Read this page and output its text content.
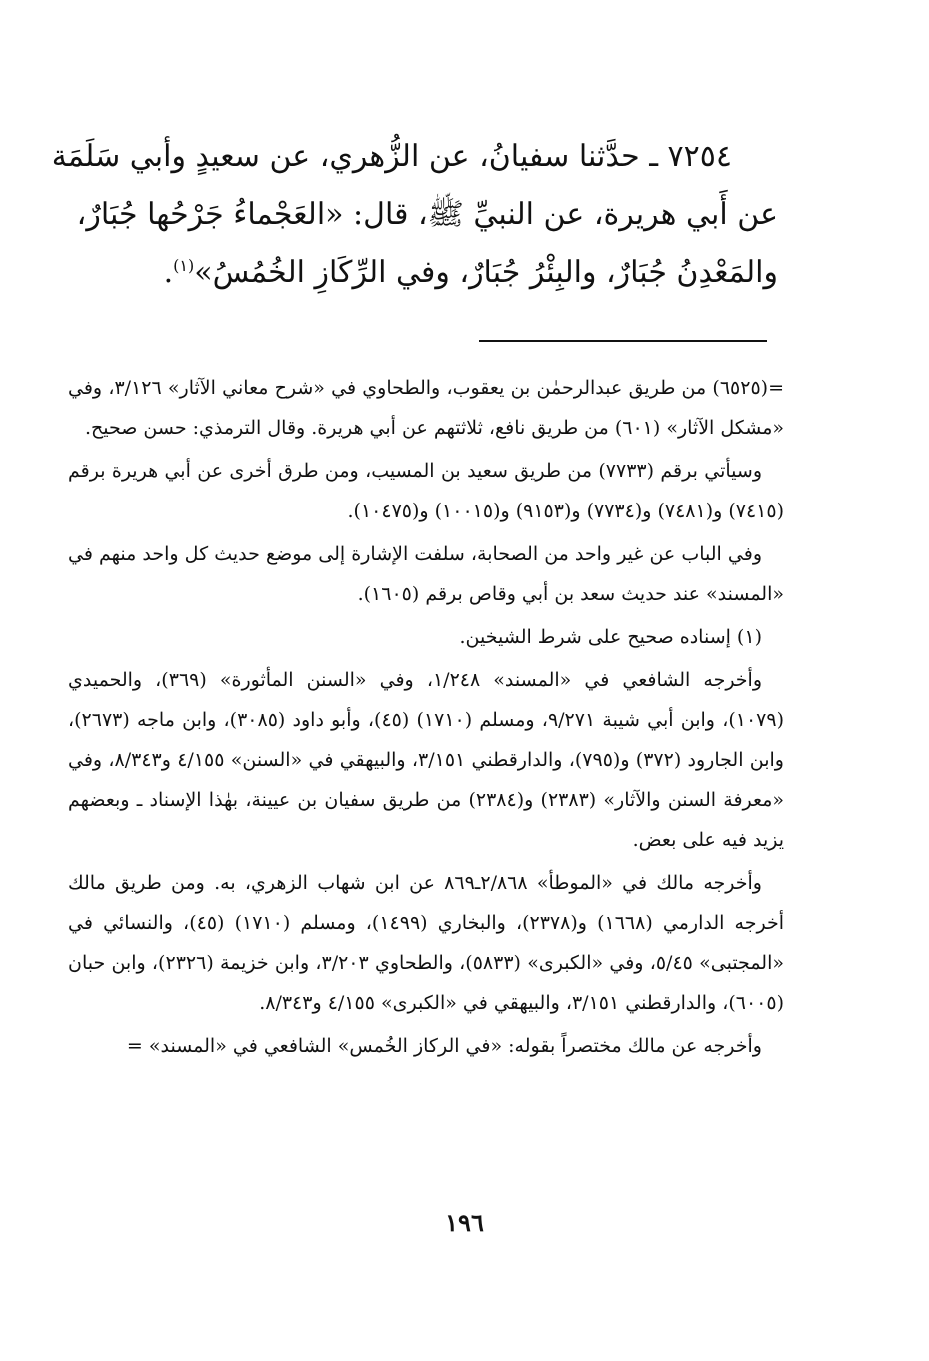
٧٢٥٤ ـ حدَّثنا سفيانُ، عن الزُّهري، عن سعيدٍ وأبي سَلَمَة
عن أَبي هريرة، عن النبيِّ ﷺ، قال: «العَجْماءُ جَرْحُها جُبَارٌ،
والمَعْدِنُ جُبَارٌ، والبِئْرُ جُبَارٌ، وفي الرِّكَازِ الخُمُسُ»$^{(١)}$.

=(٦٥٢٥) من طريق عبدالرحمٰن بن يعقوب، والطحاوي في «شرح معاني الآثار» ٣/١٢٦، وفي «مشكل الآثار» (٦٠١) من طريق نافع، ثلاثتهم عن أبي هريرة. وقال الترمذي: حسن صحيح.

وسيأتي برقم (٧٧٣٣) من طريق سعيد بن المسيب، ومن طرق أخرى عن أبي هريرة برقم (٧٤١٥) و(٧٤٨١) و(٧٧٣٤) و(٩١٥٣) و(١٠٠١٥) و(١٠٤٧٥).

وفي الباب عن غير واحد من الصحابة، سلفت الإشارة إلى موضع حديث كل واحد منهم في «المسند» عند حديث سعد بن أبي وقاص برقم (١٦٠٥).

(١) إسناده صحيح على شرط الشيخين.

وأخرجه الشافعي في «المسند» ١/٢٤٨، وفي «السنن المأثورة» (٣٦٩)، والحميدي (١٠٧٩)، وابن أبي شيبة ٩/٢٧١، ومسلم (١٧١٠) (٤٥)، وأبو داود (٣٠٨٥)، وابن ماجه (٢٦٧٣)، وابن الجارود (٣٧٢) و(٧٩٥)، والدارقطني ٣/١٥١، والبيهقي في «السنن» ٤/١٥٥ و٨/٣٤٣، وفي «معرفة السنن والآثار» (٢٣٨٣) و(٢٣٨٤) من طريق سفيان بن عيينة، بهٰذا الإسناد ـ وبعضهم يزيد فيه على بعض.

وأخرجه مالك في «الموطأ» ٢/٨٦٨ـ٨٦٩ عن ابن شهاب الزهري، به. ومن طريق مالك أخرجه الدارمي (١٦٦٨) و(٢٣٧٨)، والبخاري (١٤٩٩)، ومسلم (١٧١٠) (٤٥)، والنسائي في «المجتبى» ٥/٤٥، وفي «الكبرى» (٥٨٣٣)، والطحاوي ٣/٢٠٣، وابن خزيمة (٢٣٢٦)، وابن حبان (٦٠٠٥)، والدارقطني ٣/١٥١، والبيهقي في «الكبرى» ٤/١٥٥ و٨/٣٤٣.

وأخرجه عن مالك مختصراً بقوله: «في الركاز الخُمس» الشافعي في «المسند» =

١٩٦
